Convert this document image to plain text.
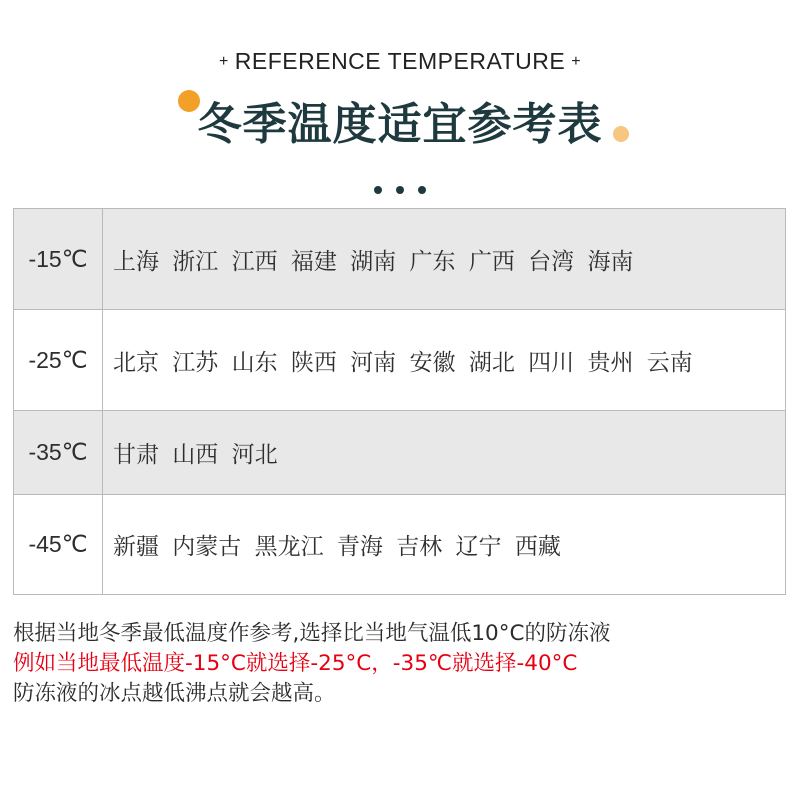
+ REFERENCE TEMPERATURE +
冬季温度适宜参考表
-15℃	上海 浙江 江西 福建 湖南 广东 广西 台湾 海南
-25℃	北京 江苏 山东 陕西 河南 安徽 湖北 四川 贵州 云南
-35℃	甘肃 山西 河北
-45℃	新疆 内蒙古 黑龙江 青海 吉林 辽宁 西藏
根据当地冬季最低温度作参考,选择比当地气温低10°C的防冻液
例如当地最低温度-15°C就选择-25°C，-35℃就选择-40°C
防冻液的冰点越低沸点就会越高。
